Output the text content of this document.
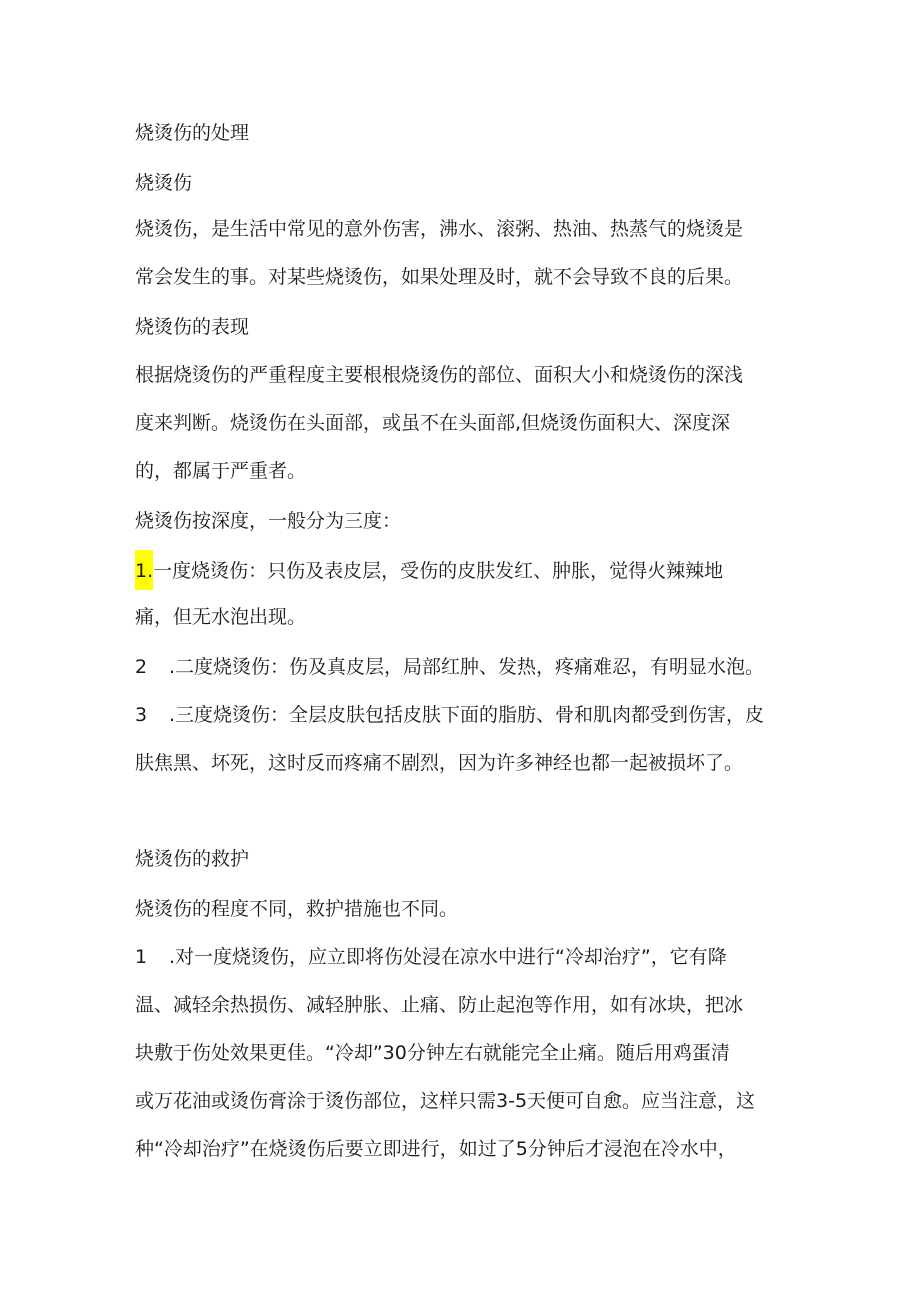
烧烫伤的处理
烧烫伤
烧烫伤，是生活中常见的意外伤害，沸水、滚粥、热油、热蒸气的烧烫是
常会发生的事。对某些烧烫伤，如果处理及时，就不会导致不良的后果。
烧烫伤的表现
根据烧烫伤的严重程度主要根根烧烫伤的部位、面积大小和烧烫伤的深浅
度来判断。烧烫伤在头面部，或虽不在头面部,但烧烫伤面积大、深度深
的，都属于严重者。
烧烫伤按深度，一般分为三度：
1.一度烧烫伤：只伤及表皮层，受伤的皮肤发红、肿胀，觉得火辣辣地
痛，但无水泡出现。
2 .二度烧烫伤：伤及真皮层，局部红肿、发热，疼痛难忍，有明显水泡。
3 .三度烧烫伤：全层皮肤包括皮肤下面的脂肪、骨和肌肉都受到伤害，皮
肤焦黑、坏死，这时反而疼痛不剧烈，因为许多神经也都一起被损坏了。
烧烫伤的救护
烧烫伤的程度不同，救护措施也不同。
1 .对一度烧烫伤，应立即将伤处浸在凉水中进行“冷却治疗”，它有降
温、减轻余热损伤、减轻肿胀、止痛、防止起泡等作用，如有冰块，把冰
块敷于伤处效果更佳。“冷却”30分钟左右就能完全止痛。随后用鸡蛋清
或万花油或烫伤膏涂于烫伤部位，这样只需3-5天便可自愈。应当注意，这
种“冷却治疗”在烧烫伤后要立即进行，如过了5分钟后才浸泡在冷水中，
